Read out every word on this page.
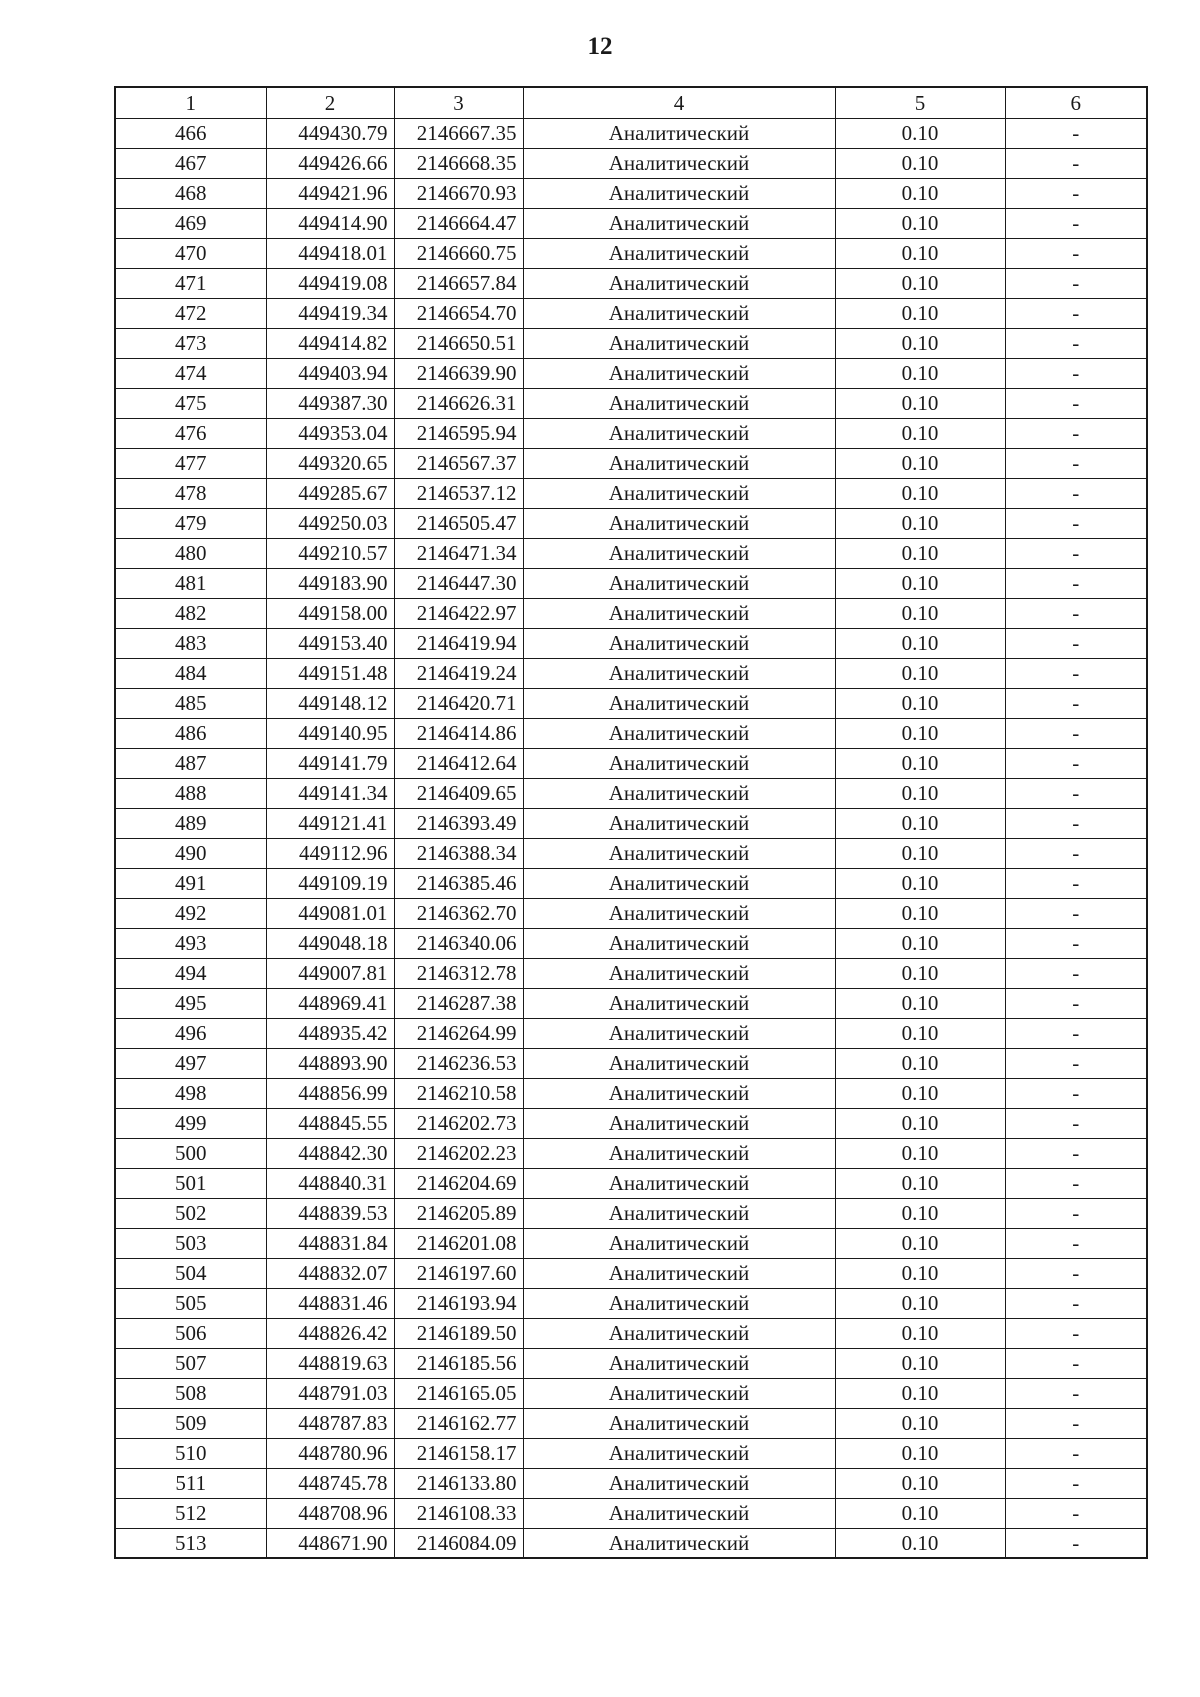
12
1	2	3	4	5	6
466	449430.79	2146667.35	Аналитический	0.10	-
467	449426.66	2146668.35	Аналитический	0.10	-
468	449421.96	2146670.93	Аналитический	0.10	-
469	449414.90	2146664.47	Аналитический	0.10	-
470	449418.01	2146660.75	Аналитический	0.10	-
471	449419.08	2146657.84	Аналитический	0.10	-
472	449419.34	2146654.70	Аналитический	0.10	-
473	449414.82	2146650.51	Аналитический	0.10	-
474	449403.94	2146639.90	Аналитический	0.10	-
475	449387.30	2146626.31	Аналитический	0.10	-
476	449353.04	2146595.94	Аналитический	0.10	-
477	449320.65	2146567.37	Аналитический	0.10	-
478	449285.67	2146537.12	Аналитический	0.10	-
479	449250.03	2146505.47	Аналитический	0.10	-
480	449210.57	2146471.34	Аналитический	0.10	-
481	449183.90	2146447.30	Аналитический	0.10	-
482	449158.00	2146422.97	Аналитический	0.10	-
483	449153.40	2146419.94	Аналитический	0.10	-
484	449151.48	2146419.24	Аналитический	0.10	-
485	449148.12	2146420.71	Аналитический	0.10	-
486	449140.95	2146414.86	Аналитический	0.10	-
487	449141.79	2146412.64	Аналитический	0.10	-
488	449141.34	2146409.65	Аналитический	0.10	-
489	449121.41	2146393.49	Аналитический	0.10	-
490	449112.96	2146388.34	Аналитический	0.10	-
491	449109.19	2146385.46	Аналитический	0.10	-
492	449081.01	2146362.70	Аналитический	0.10	-
493	449048.18	2146340.06	Аналитический	0.10	-
494	449007.81	2146312.78	Аналитический	0.10	-
495	448969.41	2146287.38	Аналитический	0.10	-
496	448935.42	2146264.99	Аналитический	0.10	-
497	448893.90	2146236.53	Аналитический	0.10	-
498	448856.99	2146210.58	Аналитический	0.10	-
499	448845.55	2146202.73	Аналитический	0.10	-
500	448842.30	2146202.23	Аналитический	0.10	-
501	448840.31	2146204.69	Аналитический	0.10	-
502	448839.53	2146205.89	Аналитический	0.10	-
503	448831.84	2146201.08	Аналитический	0.10	-
504	448832.07	2146197.60	Аналитический	0.10	-
505	448831.46	2146193.94	Аналитический	0.10	-
506	448826.42	2146189.50	Аналитический	0.10	-
507	448819.63	2146185.56	Аналитический	0.10	-
508	448791.03	2146165.05	Аналитический	0.10	-
509	448787.83	2146162.77	Аналитический	0.10	-
510	448780.96	2146158.17	Аналитический	0.10	-
511	448745.78	2146133.80	Аналитический	0.10	-
512	448708.96	2146108.33	Аналитический	0.10	-
513	448671.90	2146084.09	Аналитический	0.10	-
